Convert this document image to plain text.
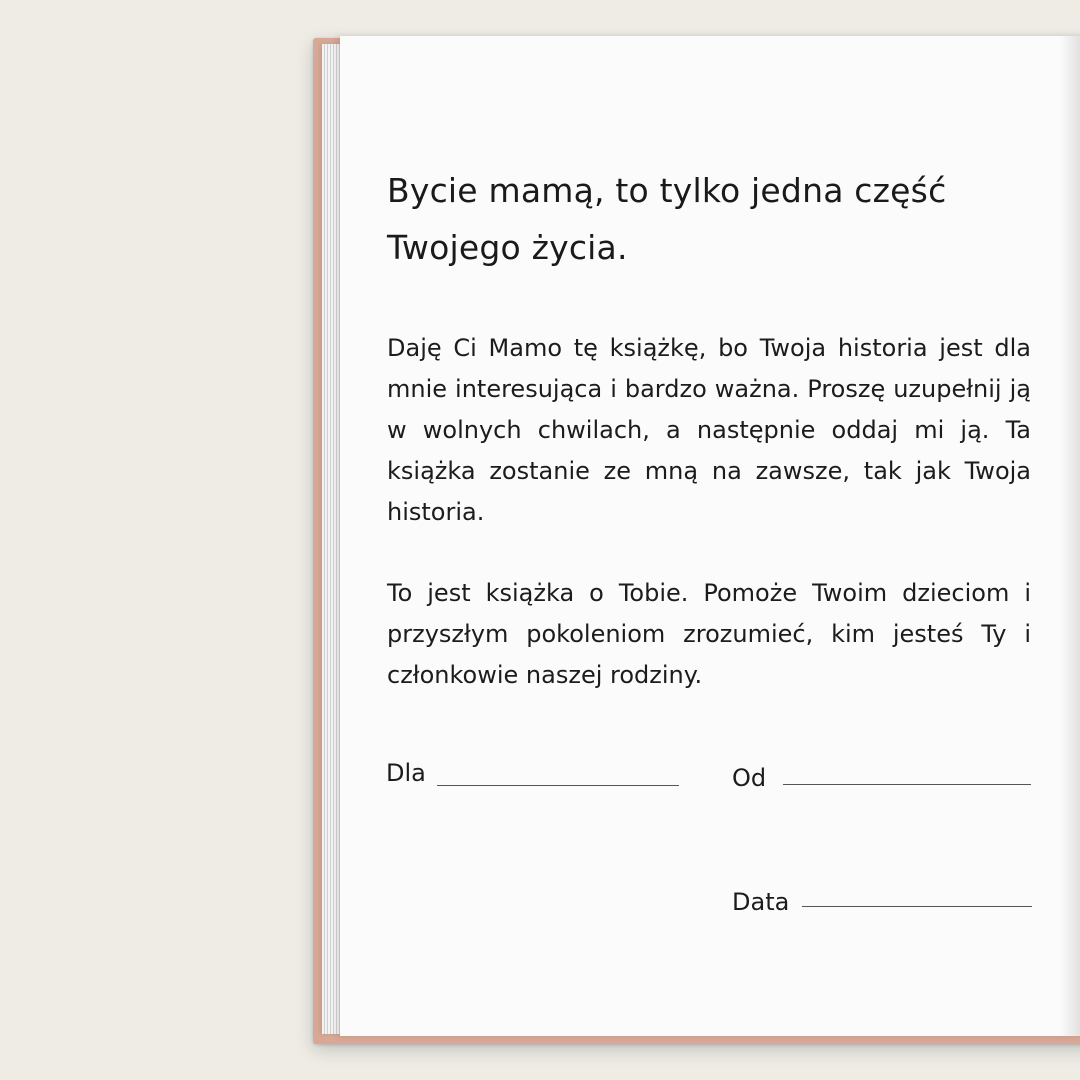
Bycie mamą, to tylko jedna część Twojego życia.

Daję Ci Mamo tę książkę, bo Twoja historia jest dla mnie interesująca i bardzo ważna. Proszę uzupełnij ją w wolnych chwilach, a następnie oddaj mi ją. Ta książka zostanie ze mną na zawsze, tak jak Twoja historia.

To jest książka o Tobie. Pomoże Twoim dzieciom i przyszłym pokoleniom zrozumieć, kim jesteś Ty i członkowie naszej rodziny.

Dla	Od
Data
